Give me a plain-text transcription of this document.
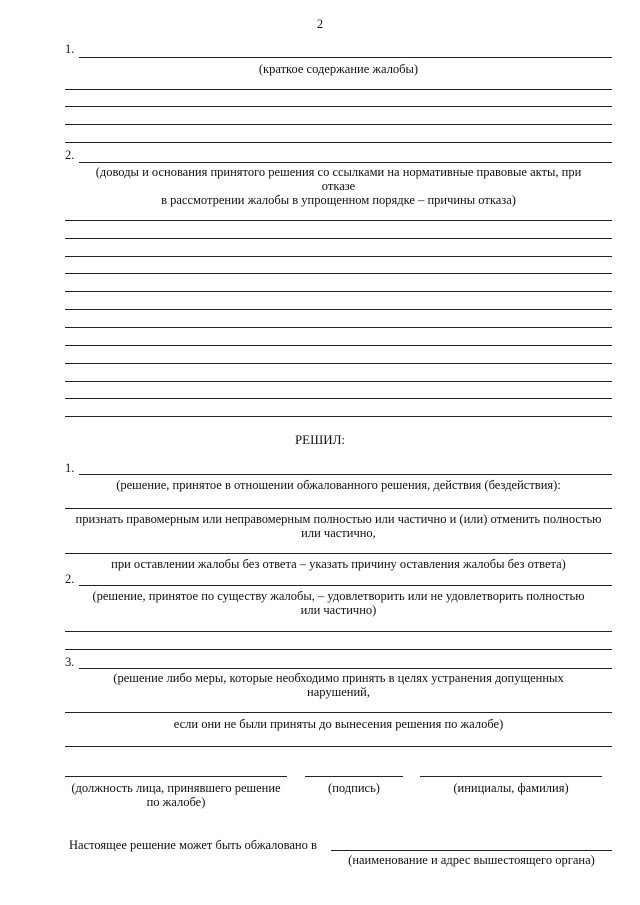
2
1.
(краткое содержание жалобы)
2.
(доводы и основания принятого решения со ссылками на нормативные правовые акты, при
отказе
в рассмотрении жалобы в упрощенном порядке – причины отказа)
РЕШИЛ:
1.
(решение, принятое в отношении обжалованного решения, действия (бездействия):
признать правомерным или неправомерным полностью или частично и (или) отменить полностью
или частично,
при оставлении жалобы без ответа – указать причину оставления жалобы без ответа)
2.
(решение, принятое по существу жалобы, – удовлетворить или не удовлетворить полностью
или частично)
3.
(решение либо меры, которые необходимо принять в целях устранения допущенных
нарушений,
если они не были приняты до вынесения решения по жалобе)
(должность лица, принявшего решение
по жалобе)
(подпись)	(инициалы, фамилия)
Настоящее решение может быть обжаловано в
(наименование и адрес вышестоящего органа)
